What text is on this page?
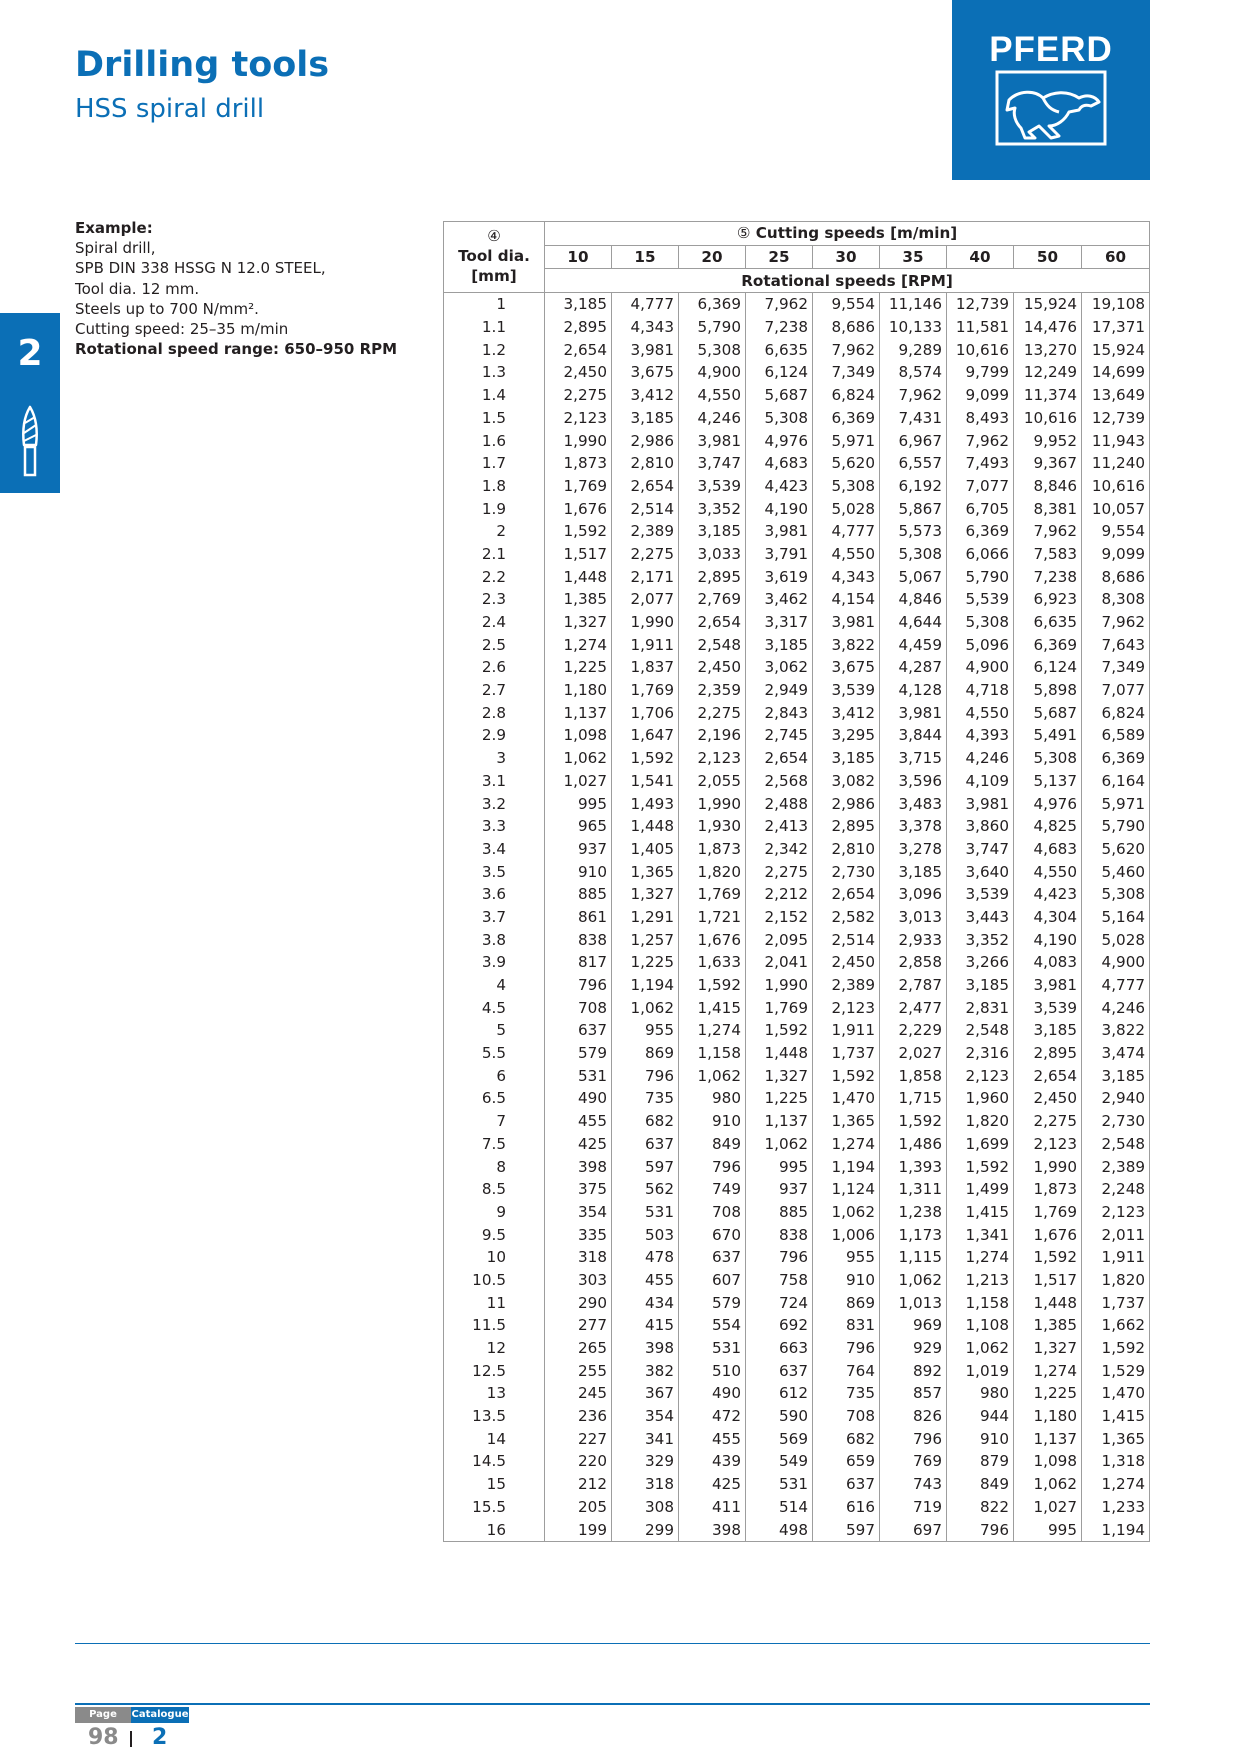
Drilling tools
HSS spiral drill
PFERD
2
Example:
Spiral drill,
SPB DIN 338 HSSG N 12.0 STEEL,
Tool dia. 12 mm.
Steels up to 700 N/mm².
Cutting speed: 25–35 m/min
Rotational speed range: 650–950 RPM
④
Tool dia.
[mm]	⑤ Cutting speeds [m/min]								
	10	15	20	25	30	35	40	50	60
	Rotational speeds [RPM]								
1	3,185	4,777	6,369	7,962	9,554	11,146	12,739	15,924	19,108
1.1	2,895	4,343	5,790	7,238	8,686	10,133	11,581	14,476	17,371
1.2	2,654	3,981	5,308	6,635	7,962	9,289	10,616	13,270	15,924
1.3	2,450	3,675	4,900	6,124	7,349	8,574	9,799	12,249	14,699
1.4	2,275	3,412	4,550	5,687	6,824	7,962	9,099	11,374	13,649
1.5	2,123	3,185	4,246	5,308	6,369	7,431	8,493	10,616	12,739
1.6	1,990	2,986	3,981	4,976	5,971	6,967	7,962	9,952	11,943
1.7	1,873	2,810	3,747	4,683	5,620	6,557	7,493	9,367	11,240
1.8	1,769	2,654	3,539	4,423	5,308	6,192	7,077	8,846	10,616
1.9	1,676	2,514	3,352	4,190	5,028	5,867	6,705	8,381	10,057
2	1,592	2,389	3,185	3,981	4,777	5,573	6,369	7,962	9,554
2.1	1,517	2,275	3,033	3,791	4,550	5,308	6,066	7,583	9,099
2.2	1,448	2,171	2,895	3,619	4,343	5,067	5,790	7,238	8,686
2.3	1,385	2,077	2,769	3,462	4,154	4,846	5,539	6,923	8,308
2.4	1,327	1,990	2,654	3,317	3,981	4,644	5,308	6,635	7,962
2.5	1,274	1,911	2,548	3,185	3,822	4,459	5,096	6,369	7,643
2.6	1,225	1,837	2,450	3,062	3,675	4,287	4,900	6,124	7,349
2.7	1,180	1,769	2,359	2,949	3,539	4,128	4,718	5,898	7,077
2.8	1,137	1,706	2,275	2,843	3,412	3,981	4,550	5,687	6,824
2.9	1,098	1,647	2,196	2,745	3,295	3,844	4,393	5,491	6,589
3	1,062	1,592	2,123	2,654	3,185	3,715	4,246	5,308	6,369
3.1	1,027	1,541	2,055	2,568	3,082	3,596	4,109	5,137	6,164
3.2	995	1,493	1,990	2,488	2,986	3,483	3,981	4,976	5,971
3.3	965	1,448	1,930	2,413	2,895	3,378	3,860	4,825	5,790
3.4	937	1,405	1,873	2,342	2,810	3,278	3,747	4,683	5,620
3.5	910	1,365	1,820	2,275	2,730	3,185	3,640	4,550	5,460
3.6	885	1,327	1,769	2,212	2,654	3,096	3,539	4,423	5,308
3.7	861	1,291	1,721	2,152	2,582	3,013	3,443	4,304	5,164
3.8	838	1,257	1,676	2,095	2,514	2,933	3,352	4,190	5,028
3.9	817	1,225	1,633	2,041	2,450	2,858	3,266	4,083	4,900
4	796	1,194	1,592	1,990	2,389	2,787	3,185	3,981	4,777
4.5	708	1,062	1,415	1,769	2,123	2,477	2,831	3,539	4,246
5	637	955	1,274	1,592	1,911	2,229	2,548	3,185	3,822
5.5	579	869	1,158	1,448	1,737	2,027	2,316	2,895	3,474
6	531	796	1,062	1,327	1,592	1,858	2,123	2,654	3,185
6.5	490	735	980	1,225	1,470	1,715	1,960	2,450	2,940
7	455	682	910	1,137	1,365	1,592	1,820	2,275	2,730
7.5	425	637	849	1,062	1,274	1,486	1,699	2,123	2,548
8	398	597	796	995	1,194	1,393	1,592	1,990	2,389
8.5	375	562	749	937	1,124	1,311	1,499	1,873	2,248
9	354	531	708	885	1,062	1,238	1,415	1,769	2,123
9.5	335	503	670	838	1,006	1,173	1,341	1,676	2,011
10	318	478	637	796	955	1,115	1,274	1,592	1,911
10.5	303	455	607	758	910	1,062	1,213	1,517	1,820
11	290	434	579	724	869	1,013	1,158	1,448	1,737
11.5	277	415	554	692	831	969	1,108	1,385	1,662
12	265	398	531	663	796	929	1,062	1,327	1,592
12.5	255	382	510	637	764	892	1,019	1,274	1,529
13	245	367	490	612	735	857	980	1,225	1,470
13.5	236	354	472	590	708	826	944	1,180	1,415
14	227	341	455	569	682	796	910	1,137	1,365
14.5	220	329	439	549	659	769	879	1,098	1,318
15	212	318	425	531	637	743	849	1,062	1,274
15.5	205	308	411	514	616	719	822	1,027	1,233
16	199	299	398	498	597	697	796	995	1,194
Page	Catalogue
98 2
